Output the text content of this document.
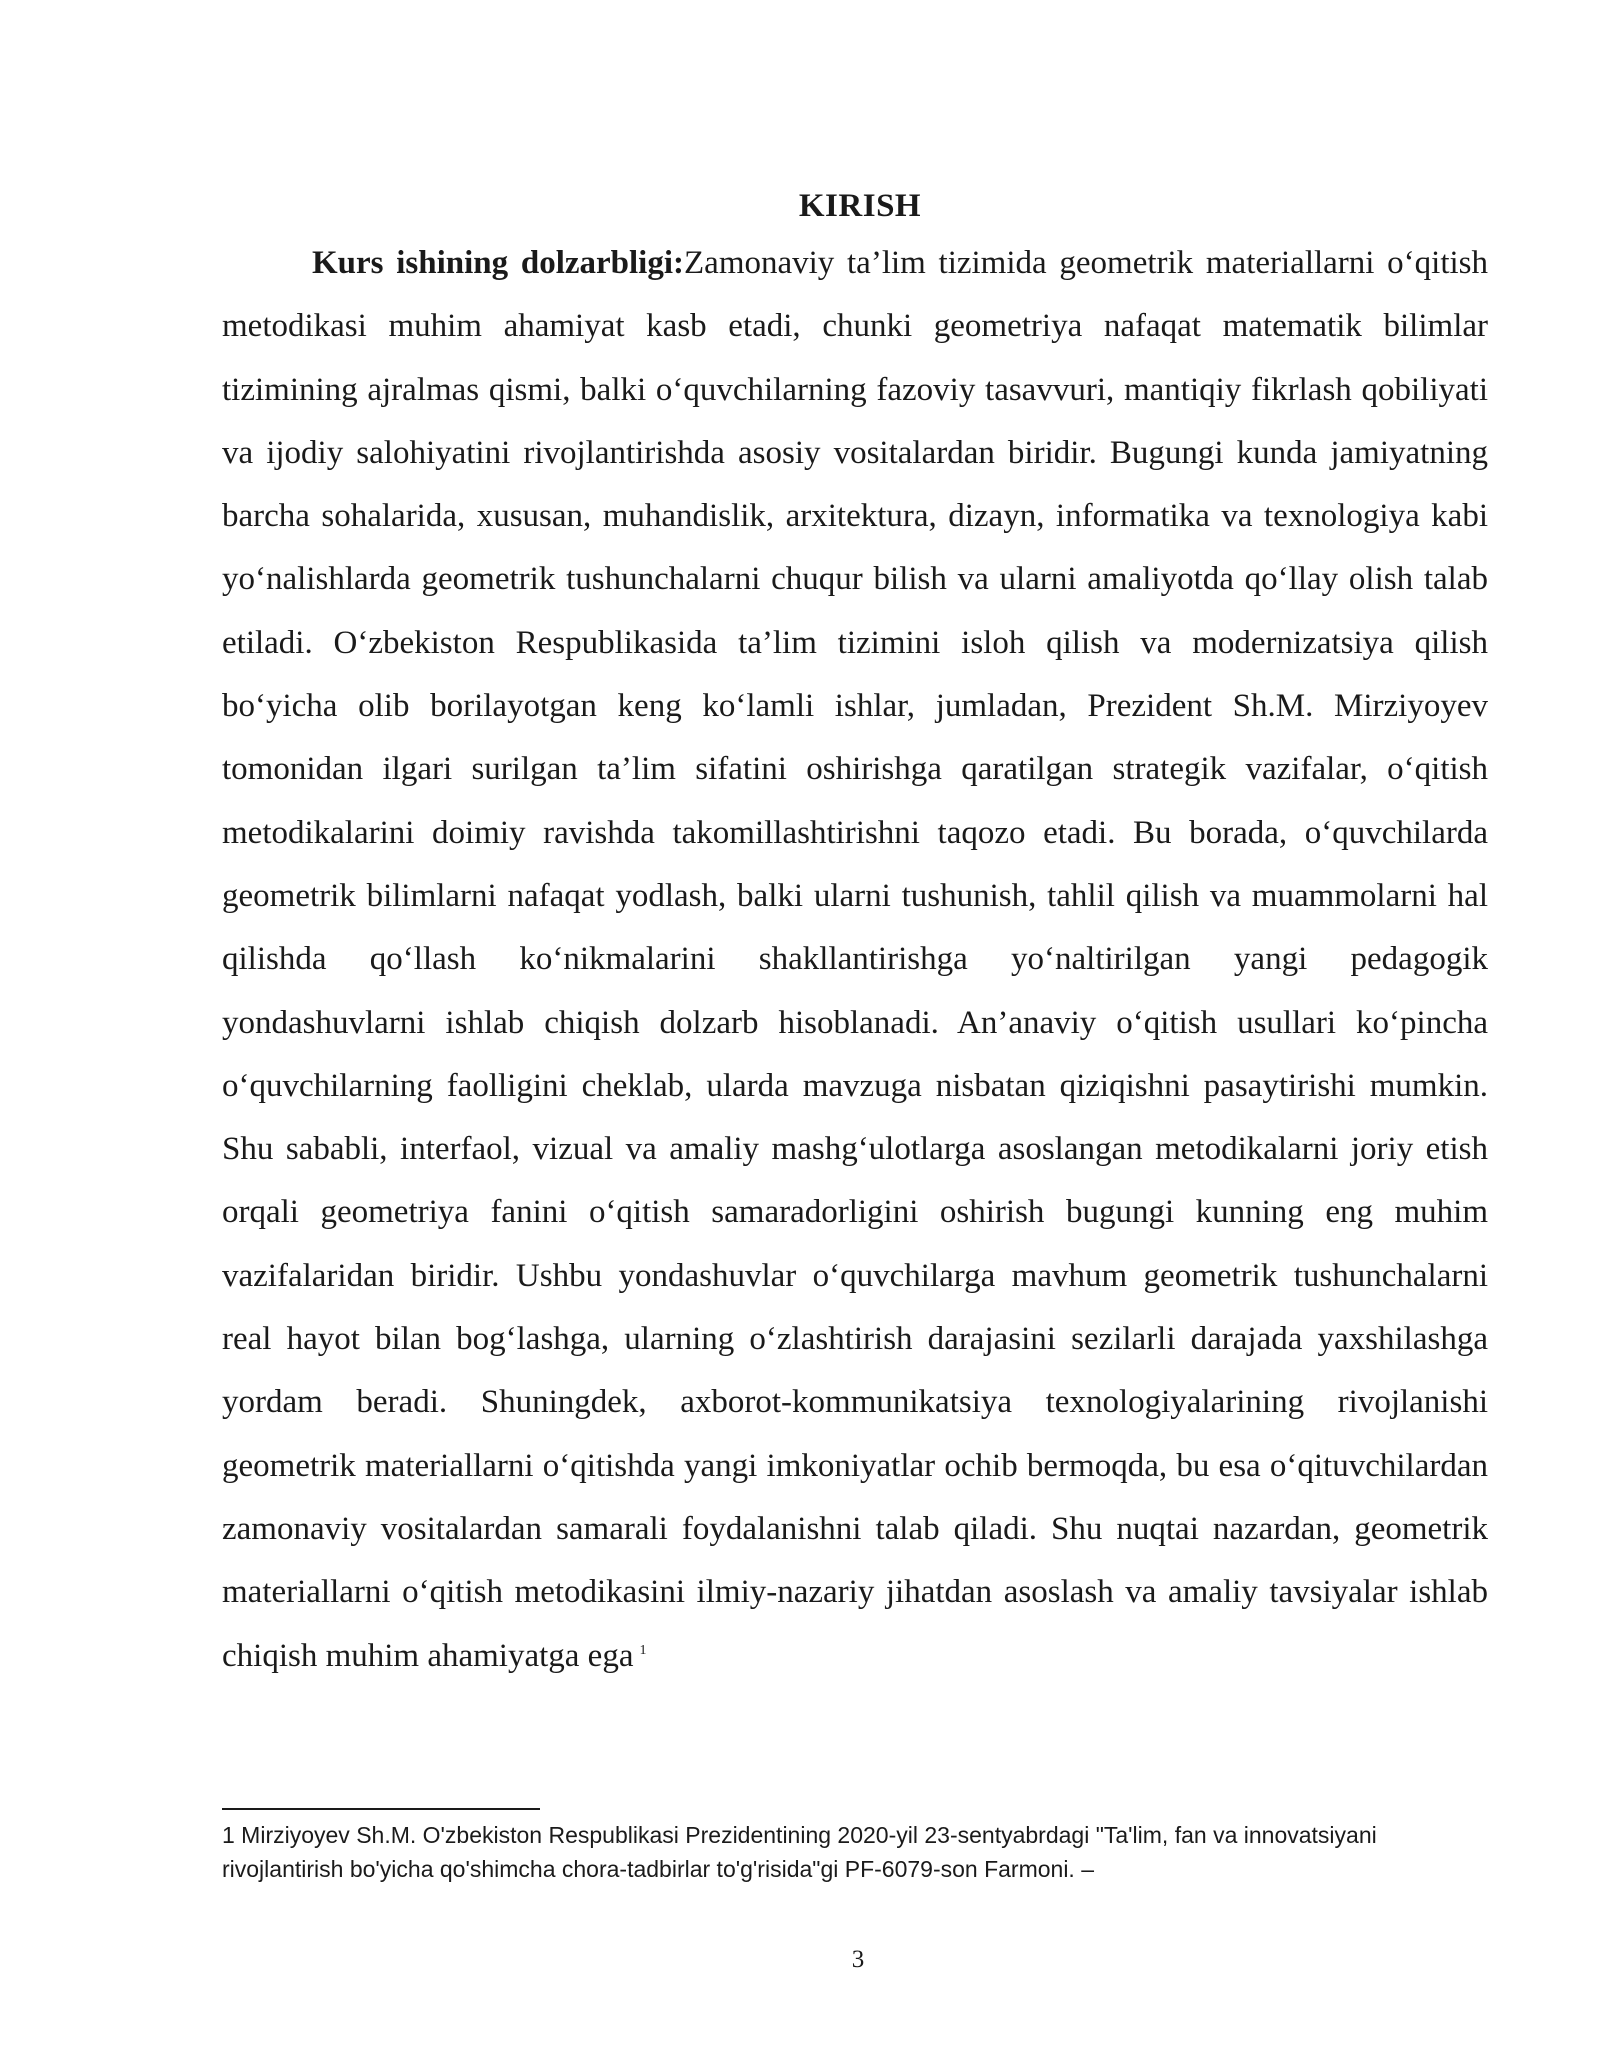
KIRISH

Kurs ishining dolzarbligi:Zamonaviy ta’lim tizimida geometrik materiallarni o‘qitish metodikasi muhim ahamiyat kasb etadi, chunki geometriya nafaqat matematik bilimlar tizimining ajralmas qismi, balki o‘quvchilarning fazoviy tasavvuri, mantiqiy fikrlash qobiliyati va ijodiy salohiyatini rivojlantirishda asosiy vositalardan biridir. Bugungi kunda jamiyatning barcha sohalarida, xususan, muhandislik, arxitektura, dizayn, informatika va texnologiya kabi yo‘nalishlarda geometrik tushunchalarni chuqur bilish va ularni amaliyotda qo‘llay olish talab etiladi. O‘zbekiston Respublikasida ta’lim tizimini isloh qilish va modernizatsiya qilish bo‘yicha olib borilayotgan keng ko‘lamli ishlar, jumladan, Prezident Sh.M. Mirziyoyev tomonidan ilgari surilgan ta’lim sifatini oshirishga qaratilgan strategik vazifalar, o‘qitish metodikalarini doimiy ravishda takomillashtirishni taqozo etadi. Bu borada, o‘quvchilarda geometrik bilimlarni nafaqat yodlash, balki ularni tushunish, tahlil qilish va muammolarni hal qilishda qo‘llash ko‘nikmalarini shakllantirishga yo‘naltirilgan yangi pedagogik yondashuvlarni ishlab chiqish dolzarb hisoblanadi. An’anaviy o‘qitish usullari ko‘pincha o‘quvchilarning faolligini cheklab, ularda mavzuga nisbatan qiziqishni pasaytirishi mumkin. Shu sababli, interfaol, vizual va amaliy mashg‘ulotlarga asoslangan metodikalarni joriy etish orqali geometriya fanini o‘qitish samaradorligini oshirish bugungi kunning eng muhim vazifalaridan biridir. Ushbu yondashuvlar o‘quvchilarga mavhum geometrik tushunchalarni real hayot bilan bog‘lashga, ularning o‘zlashtirish darajasini sezilarli darajada yaxshilashga yordam beradi. Shuningdek, axborot-kommunikatsiya texnologiyalarining rivojlanishi geometrik materiallarni o‘qitishda yangi imkoniyatlar ochib bermoqda, bu esa o‘qituvchilardan zamonaviy vositalardan samarali foydalanishni talab qiladi. Shu nuqtai nazardan, geometrik materiallarni o‘qitish metodikasini ilmiy-nazariy jihatdan asoslash va amaliy tavsiyalar ishlab chiqish muhim ahamiyatga ega $^1$

1 Mirziyoyev Sh.M. O'zbekiston Respublikasi Prezidentining 2020-yil 23-sentyabrdagi "Ta'lim, fan va innovatsiyani rivojlantirish bo'yicha qo'shimcha chora-tadbirlar to'g'risida"gi PF-6079-son Farmoni. –

3
